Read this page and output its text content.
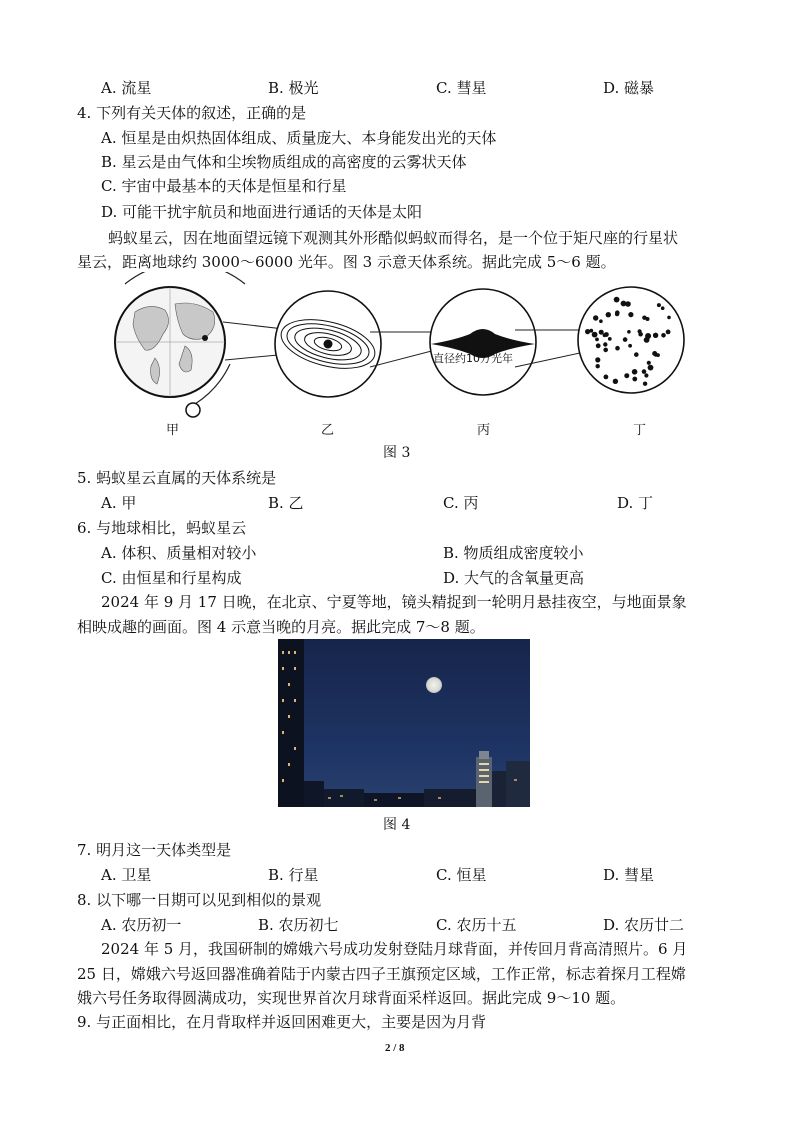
A. 流星	B. 极光	C. 彗星	D. 磁暴
4. 下列有关天体的叙述，正确的是
A. 恒星是由炽热固体组成、质量庞大、本身能发出光的天体
B. 星云是由气体和尘埃物质组成的高密度的云雾状天体
C. 宇宙中最基本的天体是恒星和行星
D. 可能干扰宇航员和地面进行通话的天体是太阳
蚂蚁星云，因在地面望远镜下观测其外形酷似蚂蚁而得名，是一个位于矩尺座的行星状
星云，距离地球约 3000～6000 光年。图 3 示意天体系统。据此完成 5～6 题。
直径约10万光年
甲	乙	丙	丁
图 3
5. 蚂蚁星云直属的天体系统是
A. 甲	B. 乙	C. 丙	D. 丁
6. 与地球相比，蚂蚁星云
A. 体积、质量相对较小	B. 物质组成密度较小
C. 由恒星和行星构成	D. 大气的含氧量更高
2024 年 9 月 17 日晚，在北京、宁夏等地，镜头精捉到一轮明月悬挂夜空，与地面景象
相映成趣的画面。图 4 示意当晚的月亮。据此完成 7～8 题。
图 4
7. 明月这一天体类型是
A. 卫星	B. 行星	C. 恒星	D. 彗星
8. 以下哪一日期可以见到相似的景观
A. 农历初一	B. 农历初七	C. 农历十五	D. 农历廿二
2024 年 5 月，我国研制的嫦娥六号成功发射登陆月球背面，并传回月背高清照片。6 月
25 日，嫦娥六号返回器准确着陆于内蒙古四子王旗预定区域，工作正常，标志着探月工程嫦
娥六号任务取得圆满成功，实现世界首次月球背面采样返回。据此完成 9～10 题。
9. 与正面相比，在月背取样并返回困难更大，主要是因为月背
2 / 8
